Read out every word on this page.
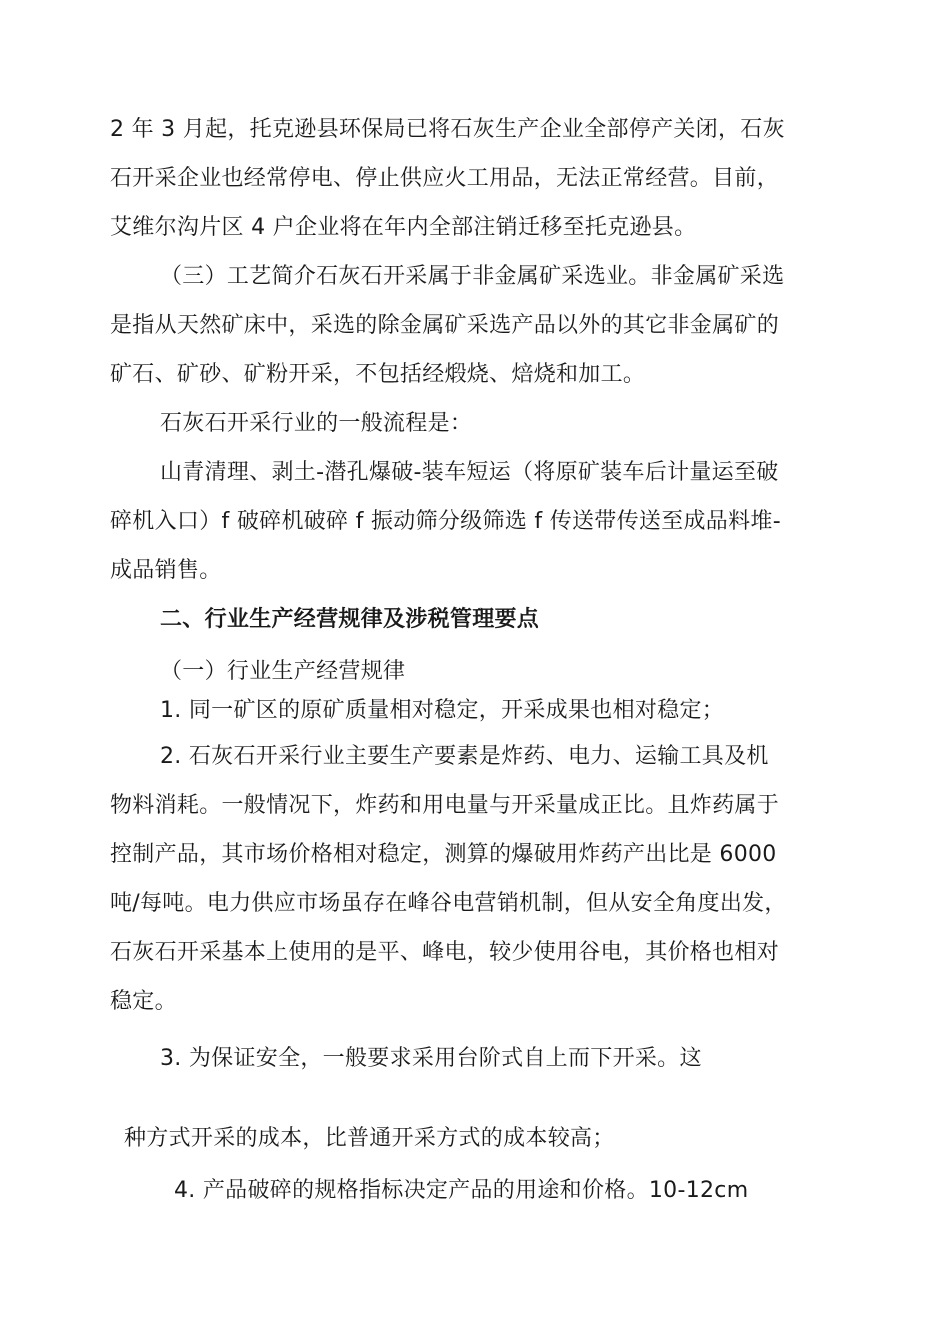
2 年 3 月起，托克逊县环保局已将石灰生产企业全部停产关闭，石灰
石开采企业也经常停电、停止供应火工用品，无法正常经营。目前，
艾维尔沟片区 4 户企业将在年内全部注销迁移至托克逊县。
（三）工艺简介石灰石开采属于非金属矿采选业。非金属矿采选
是指从天然矿床中，采选的除金属矿采选产品以外的其它非金属矿的
矿石、矿砂、矿粉开采，不包括经煅烧、焙烧和加工。
石灰石开采行业的一般流程是：
山青清理、剥土-潜孔爆破-装车短运（将原矿装车后计量运至破
碎机入口）f 破碎机破碎 f 振动筛分级筛选 f 传送带传送至成品料堆-
成品销售。
二、行业生产经营规律及涉税管理要点
（一）行业生产经营规律
1. 同一矿区的原矿质量相对稳定，开采成果也相对稳定；
2. 石灰石开采行业主要生产要素是炸药、电力、运输工具及机
物料消耗。一般情况下，炸药和用电量与开采量成正比。且炸药属于
控制产品，其市场价格相对稳定，测算的爆破用炸药产出比是 6000
吨/每吨。电力供应市场虽存在峰谷电营销机制，但从安全角度出发，
石灰石开采基本上使用的是平、峰电，较少使用谷电，其价格也相对
稳定。
3. 为保证安全，一般要求采用台阶式自上而下开采。这
种方式开采的成本，比普通开采方式的成本较高；
4. 产品破碎的规格指标决定产品的用途和价格。10-12cm
